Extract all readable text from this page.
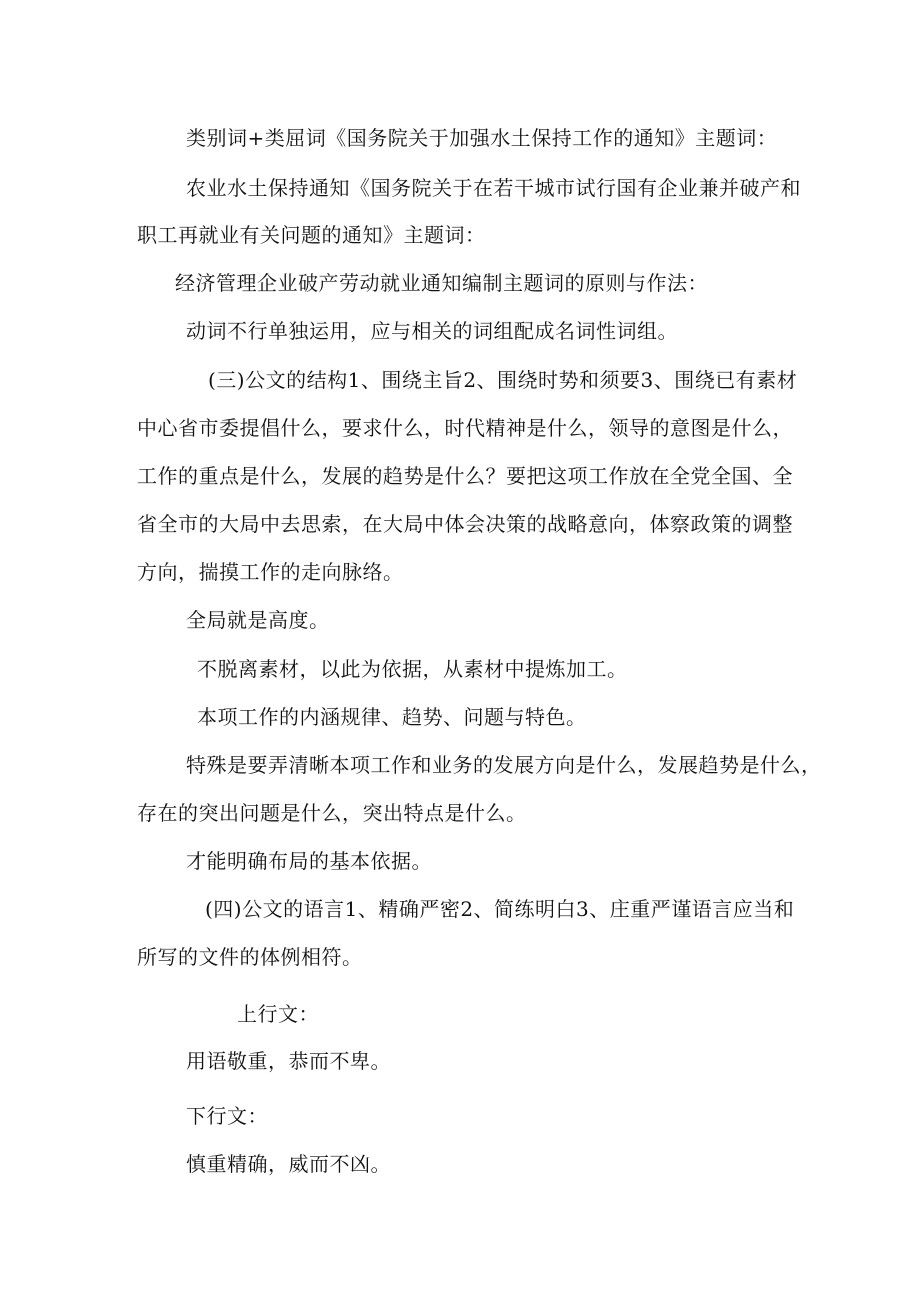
类别词+类屈词《国务院关于加强水土保持工作的通知》主题词：
农业水土保持通知《国务院关于在若干城市试行国有企业兼并破产和
职工再就业有关问题的通知》主题词：
经济管理企业破产劳动就业通知编制主题词的原则与作法：
动词不行单独运用，应与相关的词组配成名词性词组。
(三)公文的结构1、围绕主旨2、围绕时势和须要3、围绕已有素材
中心省市委提倡什么，要求什么，时代精神是什么，领导的意图是什么，
工作的重点是什么，发展的趋势是什么？要把这项工作放在全党全国、全
省全市的大局中去思索，在大局中体会决策的战略意向，体察政策的调整
方向，揣摸工作的走向脉络。
全局就是高度。
不脱离素材，以此为依据，从素材中提炼加工。
本项工作的内涵规律、趋势、问题与特色。
特殊是要弄清晰本项工作和业务的发展方向是什么，发展趋势是什么，
存在的突出问题是什么，突出特点是什么。
才能明确布局的基本依据。
(四)公文的语言1、精确严密2、简练明白3、庄重严谨语言应当和
所写的文件的体例相符。
上行文：
用语敬重，恭而不卑。
下行文：
慎重精确，威而不凶。
